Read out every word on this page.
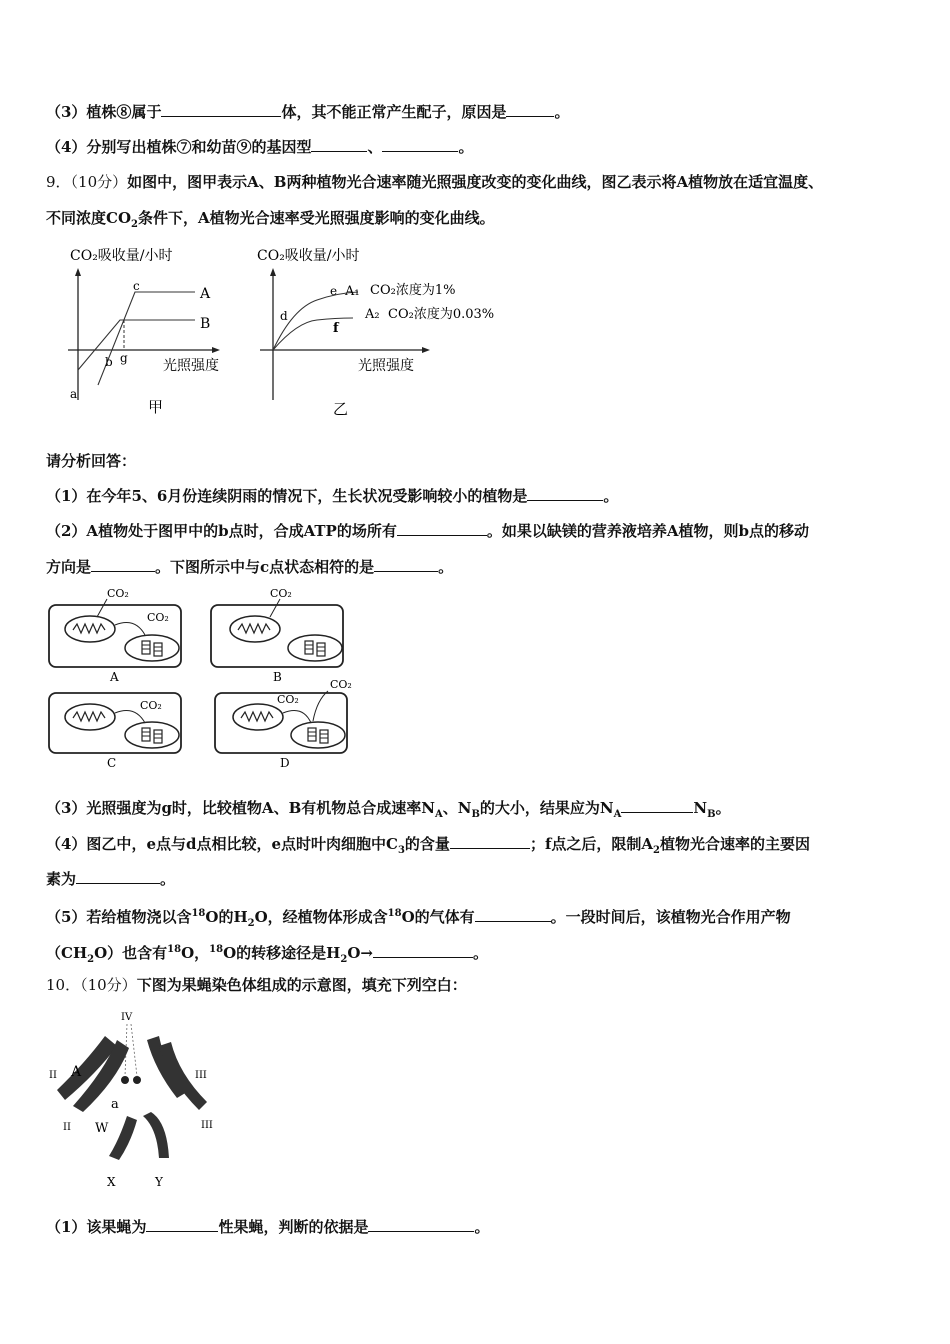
（3）植株⑧属于	体，其不能正常产生配子，原因是	。
（4）分别写出植株⑦和幼苗⑨的基因型	、	。
9．（10分）如图中，图甲表示A、B两种植物光合速率随光照强度改变的变化曲线，图乙表示将A植物放在适宜温度、
不同浓度$CO_2$条件下，A植物光合速率受光照强度影响的变化曲线。
CO₂吸收量/小时
A
B
c
g
b
a
光照强度
甲
CO₂吸收量/小时
e
d
f
A₁ CO₂浓度为1%
A₂ CO₂浓度为0.03%
光照强度
乙
请分析回答：
（1）在今年5、6月份连续阴雨的情况下，生长状况受影响较小的植物是	。
（2）A植物处于图甲中的b点时，合成ATP的场所有	。如果以缺镁的营养液培养A植物，则b点的移动
方向是	。下图所示中与c点状态相符的是	。
CO₂
CO₂
A
CO₂
B
CO₂
C
CO₂
CO₂
D
（3）光照强度为g时，比较植物A、B有机物总合成速率$N_A$、$N_B$的大小，结果应为$N_A$	$N_B$。
（4）图乙中，e点与d点相比较，e点时叶肉细胞中$C_3$的含量	；f点之后，限制$A_2$植物光合速率的主要因
素为	。
（5）若给植物浇以含$^{18}$O的$H_2O$，经植物体形成含$^{18}$O的气体有	。一段时间后，该植物光合作用产物
$(CH_2O)$也含有$^{18}$O，$^{18}$O的转移途径是$H_2O\to$	。
10．（10分）下图为果蝇染色体组成的示意图，填充下列空白：
IV
II
II
A
a
III
III
W
X	Y
（1）该果蝇为	性果蝇，判断的依据是	。
